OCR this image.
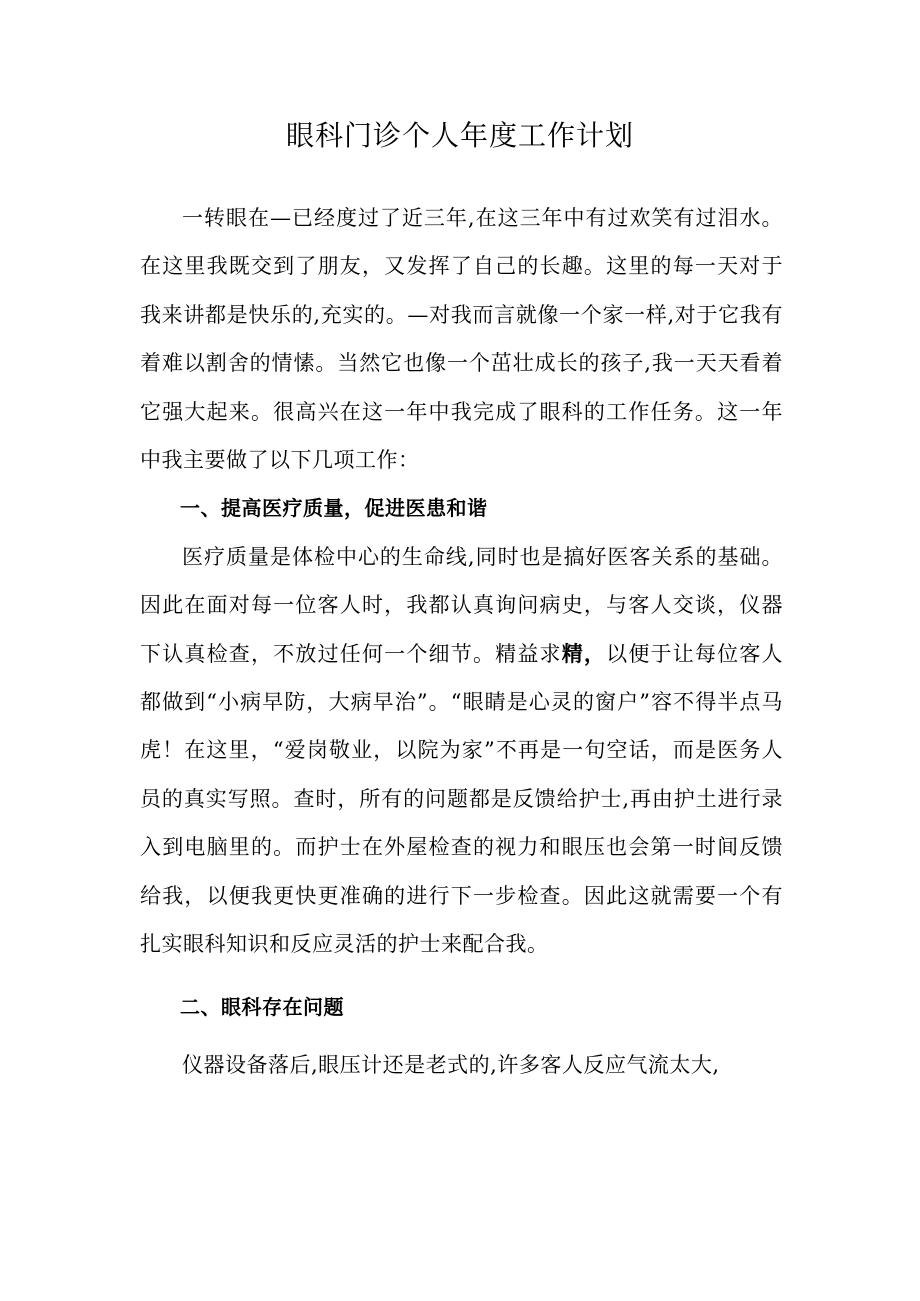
眼科门诊个人年度工作计划

一转眼在—已经度过了近三年,在这三年中有过欢笑有过泪水。在这里我既交到了朋友，又发挥了自己的长趣。这里的每一天对于我来讲都是快乐的,充实的。—对我而言就像一个家一样,对于它我有着难以割舍的情愫。当然它也像一个茁壮成长的孩子,我一天天看着它强大起来。很高兴在这一年中我完成了眼科的工作任务。这一年中我主要做了以下几项工作：

一、提高医疗质量，促进医患和谐

医疗质量是体检中心的生命线,同时也是搞好医客关系的基础。因此在面对每一位客人时，我都认真询问病史，与客人交谈，仪器下认真检查，不放过任何一个细节。精益求精，以便于让每位客人都做到“小病早防，大病早治”。“眼睛是心灵的窗户”容不得半点马虎！在这里，“爱岗敬业，以院为家”不再是一句空话，而是医务人员的真实写照。查时，所有的问题都是反馈给护士,再由护土进行录入到电脑里的。而护士在外屋检查的视力和眼压也会第一时间反馈给我，以便我更快更准确的进行下一步检查。因此这就需要一个有扎实眼科知识和反应灵活的护士来配合我。

二、眼科存在问题

仪器设备落后,眼压计还是老式的,许多客人反应气流太大,
